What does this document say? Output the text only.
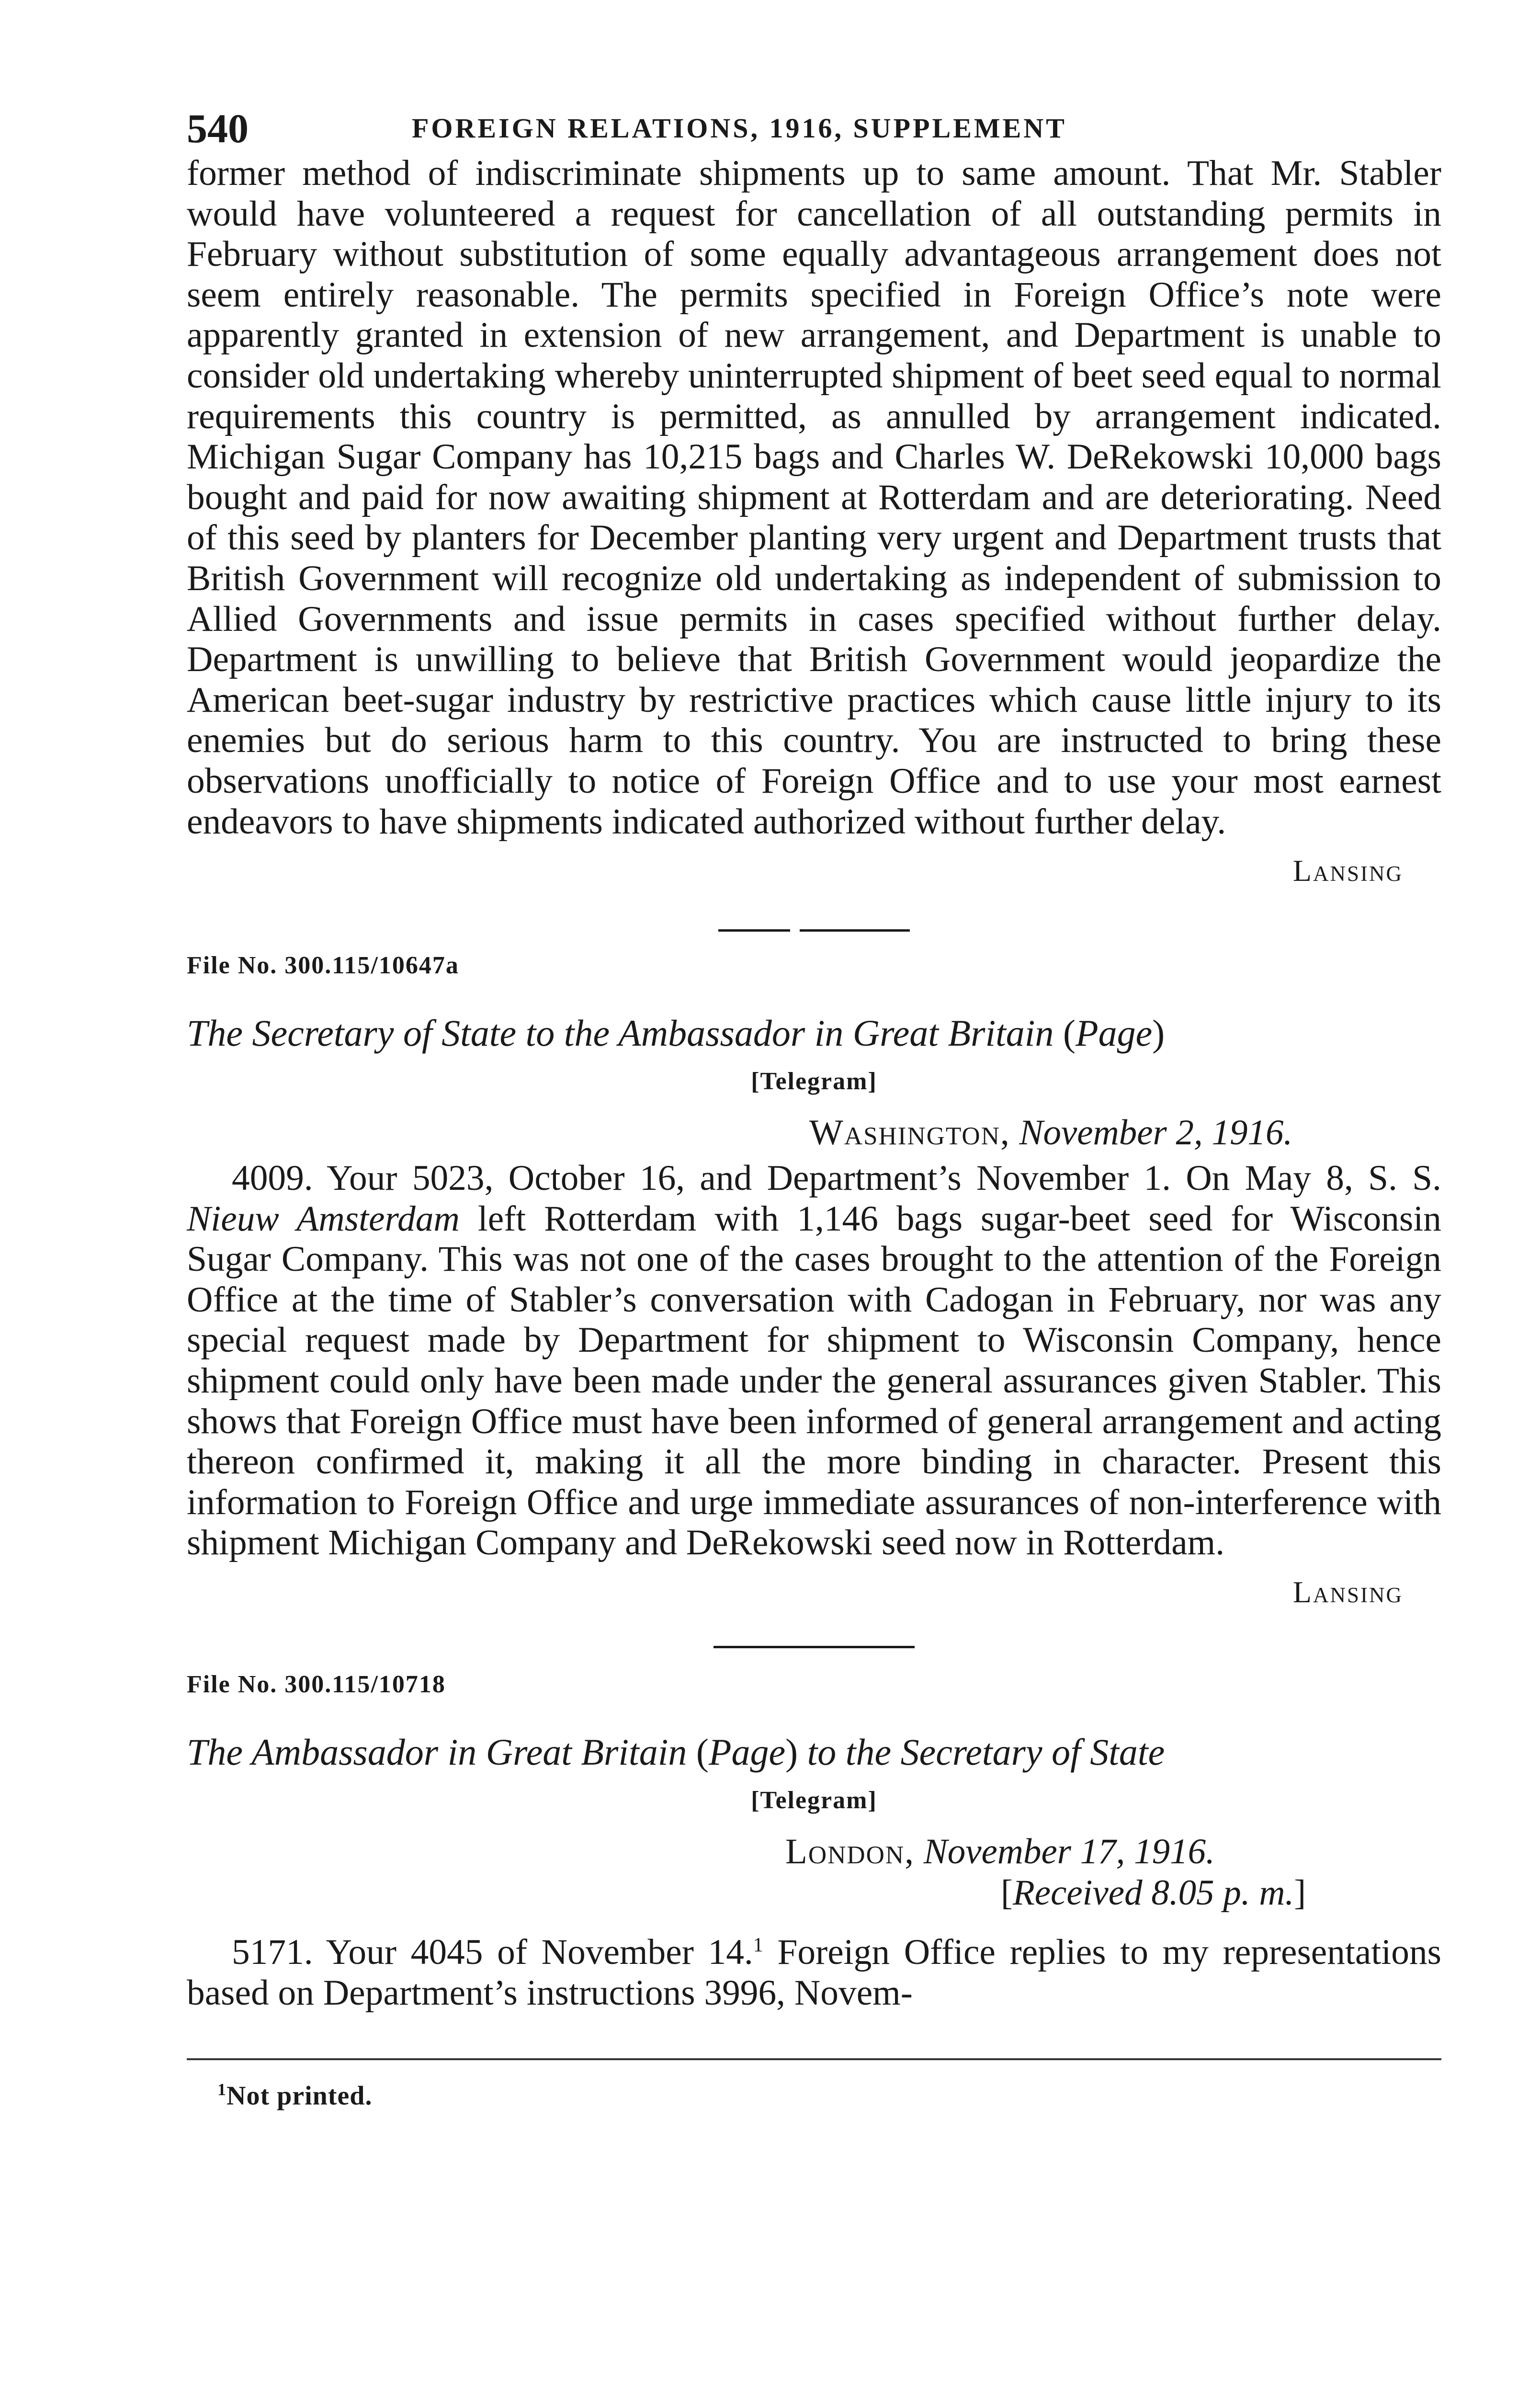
540	FOREIGN RELATIONS, 1916, SUPPLEMENT

former method of indiscriminate shipments up to same amount. That Mr. Stabler would have volunteered a request for cancellation of all outstanding permits in February without substitution of some equally advantageous arrangement does not seem entirely reasonable. The permits specified in Foreign Office’s note were apparently granted in extension of new arrangement, and Department is unable to consider old undertaking whereby uninterrupted shipment of beet seed equal to normal requirements this country is permitted, as annulled by arrangement indicated. Michigan Sugar Company has 10,215 bags and Charles W. DeRekowski 10,000 bags bought and paid for now awaiting shipment at Rotterdam and are deteriorating. Need of this seed by planters for December planting very urgent and Department trusts that British Government will recognize old undertaking as independent of submission to Allied Governments and issue permits in cases specified without further delay. Department is unwilling to believe that British Government would jeopardize the American beet-sugar industry by restrictive practices which cause little injury to its enemies but do serious harm to this country. You are instructed to bring these observations unofficially to notice of Foreign Office and to use your most earnest endeavors to have shipments indicated authorized without further delay.

Lansing
File No. 300.115/10647a
The Secretary of State to the Ambassador in Great Britain (Page)
[Telegram]
Washington, November 2, 1916.

4009. Your 5023, October 16, and Department’s November 1. On May 8, S. S. Nieuw Amsterdam left Rotterdam with 1,146 bags sugar-beet seed for Wisconsin Sugar Company. This was not one of the cases brought to the attention of the Foreign Office at the time of Stabler’s conversation with Cadogan in February, nor was any special request made by Department for shipment to Wisconsin Company, hence shipment could only have been made under the general assurances given Stabler. This shows that Foreign Office must have been informed of general arrangement and acting thereon confirmed it, making it all the more binding in character. Present this information to Foreign Office and urge immediate assurances of non-interference with shipment Michigan Company and DeRekowski seed now in Rotterdam.

Lansing
File No. 300.115/10718
The Ambassador in Great Britain (Page) to the Secretary of State
[Telegram]
London, November 17, 1916.
[Received 8.05 p. m.]

5171. Your 4045 of November 14.$^1$ Foreign Office replies to my representations based on Department’s instructions 3996, Novem-

$^1$Not printed.
